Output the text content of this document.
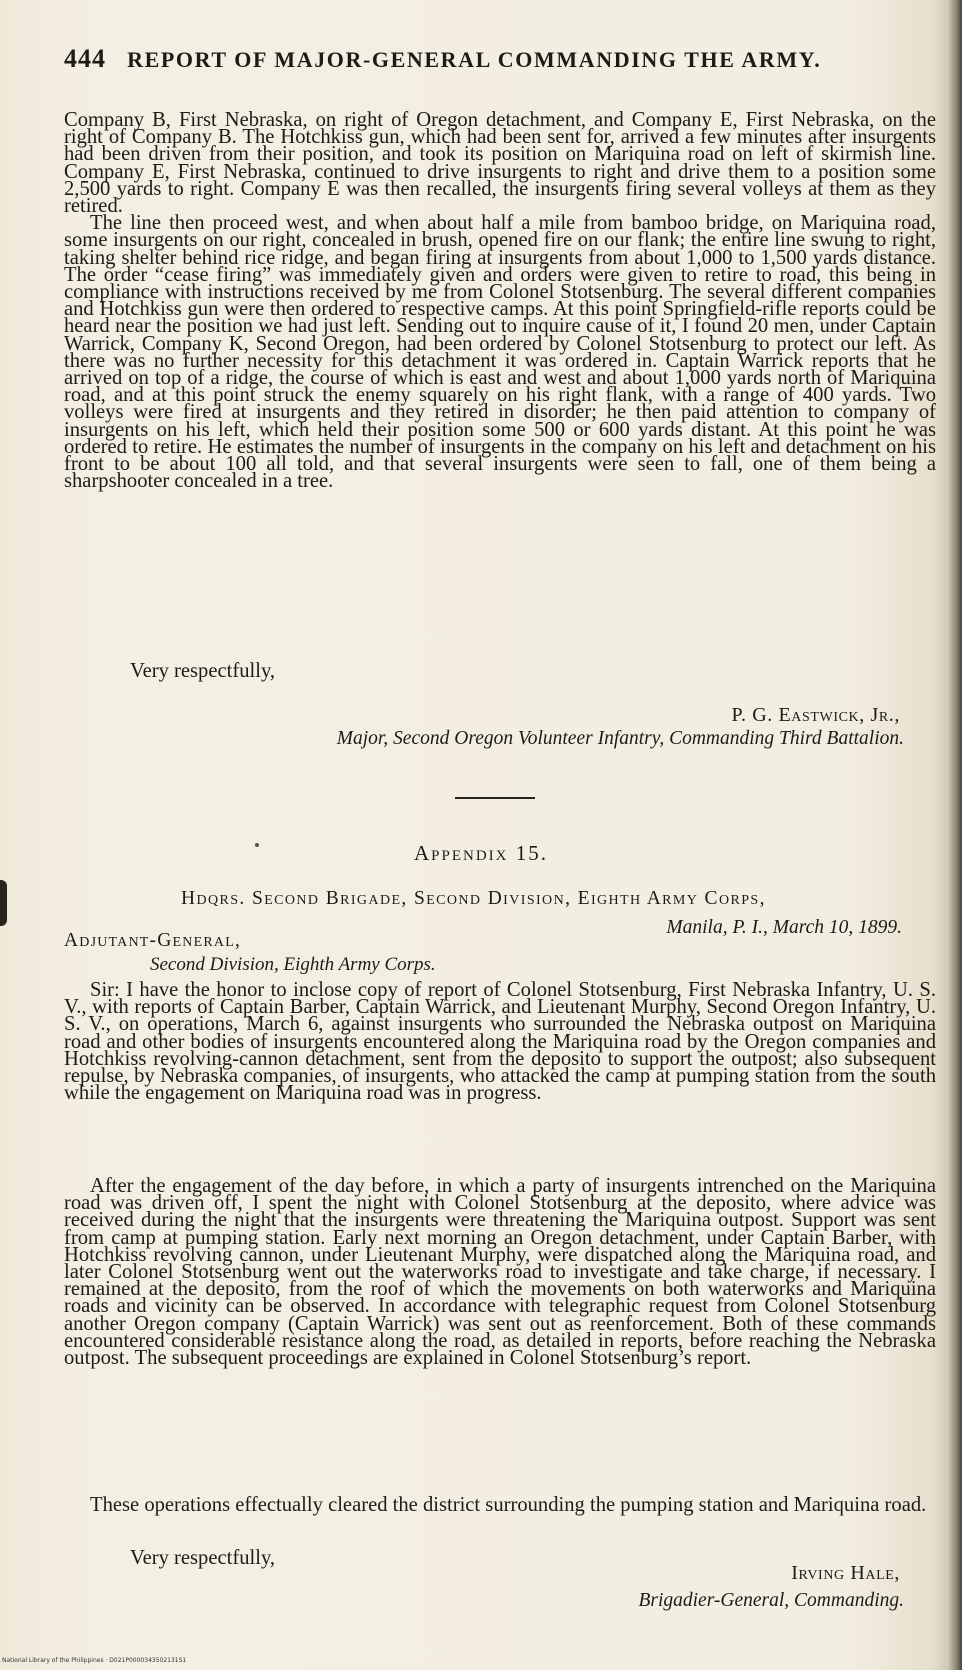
444 REPORT OF MAJOR-GENERAL COMMANDING THE ARMY.

Company B, First Nebraska, on right of Oregon detachment, and Company E, First Nebraska, on the right of Company B. The Hotchkiss gun, which had been sent for, arrived a few minutes after insurgents had been driven from their position, and took its position on Mariquina road on left of skirmish line. Company E, First Nebraska, continued to drive insurgents to right and drive them to a position some 2,500 yards to right. Company E was then recalled, the insurgents firing several volleys at them as they retired.

The line then proceed west, and when about half a mile from bamboo bridge, on Mariquina road, some insurgents on our right, concealed in brush, opened fire on our flank; the entire line swung to right, taking shelter behind rice ridge, and began firing at insurgents from about 1,000 to 1,500 yards distance. The order “cease firing” was immediately given and orders were given to retire to road, this being in compliance with instructions received by me from Colonel Stotsenburg. The several different companies and Hotchkiss gun were then ordered to respective camps. At this point Springfield-rifle reports could be heard near the position we had just left. Sending out to inquire cause of it, I found 20 men, under Captain Warrick, Company K, Second Oregon, had been ordered by Colonel Stotsenburg to protect our left. As there was no further necessity for this detachment it was ordered in. Captain Warrick reports that he arrived on top of a ridge, the course of which is east and west and about 1,000 yards north of Mariquina road, and at this point struck the enemy squarely on his right flank, with a range of 400 yards. Two volleys were fired at insurgents and they retired in disorder; he then paid attention to company of insurgents on his left, which held their position some 500 or 600 yards distant. At this point he was ordered to retire. He estimates the number of insurgents in the company on his left and detachment on his front to be about 100 all told, and that several insurgents were seen to fall, one of them being a sharpshooter concealed in a tree.

Very respectfully,
P. G. Eastwick, Jr.,
Major, Second Oregon Volunteer Infantry, Commanding Third Battalion.
Appendix 15.
Hdqrs. Second Brigade, Second Division, Eighth Army Corps,
Manila, P. I., March 10, 1899.
Adjutant-General,
Second Division, Eighth Army Corps.

Sir: I have the honor to inclose copy of report of Colonel Stotsenburg, First Nebraska Infantry, U. S. V., with reports of Captain Barber, Captain Warrick, and Lieutenant Murphy, Second Oregon Infantry, U. S. V., on operations, March 6, against insurgents who surrounded the Nebraska outpost on Mariquina road and other bodies of insurgents encountered along the Mariquina road by the Oregon companies and Hotchkiss revolving-cannon detachment, sent from the deposito to support the outpost; also subsequent repulse, by Nebraska companies, of insurgents, who attacked the camp at pumping station from the south while the engagement on Mariquina road was in progress.

After the engagement of the day before, in which a party of insurgents intrenched on the Mariquina road was driven off, I spent the night with Colonel Stotsenburg at the deposito, where advice was received during the night that the insurgents were threatening the Mariquina outpost. Support was sent from camp at pumping station. Early next morning an Oregon detachment, under Captain Barber, with Hotchkiss revolving cannon, under Lieutenant Murphy, were dispatched along the Mariquina road, and later Colonel Stotsenburg went out the waterworks road to investigate and take charge, if necessary. I remained at the deposito, from the roof of which the movements on both waterworks and Mariquina roads and vicinity can be observed. In accordance with telegraphic request from Colonel Stotsenburg another Oregon company (Captain Warrick) was sent out as reenforcement. Both of these commands encountered considerable resistance along the road, as detailed in reports, before reaching the Nebraska outpost. The subsequent proceedings are explained in Colonel Stotsenburg’s report.

These operations effectually cleared the district surrounding the pumping station and Mariquina road.

Very respectfully,
Irving Hale,
Brigadier-General, Commanding.
National Library of the Philippines · D021P0000343502131S1
